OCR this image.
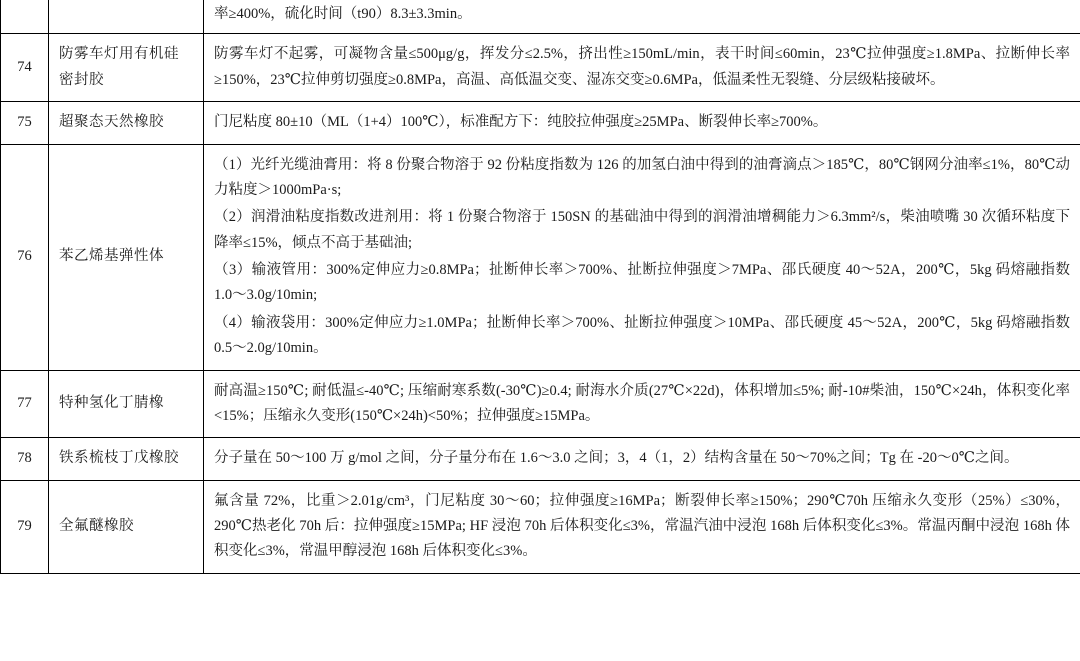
		率≥400%，硫化时间（t90）8.3±3.3min。

74	防雾车灯用有机硅密封胶	防雾车灯不起雾，可凝物含量≤500μg/g，挥发分≤2.5%，挤出性≥150mL/min，表干时间≤60min，23℃拉伸强度≥1.8MPa、拉断伸长率≥150%，23℃拉伸剪切强度≥0.8MPa，高温、高低温交变、湿冻交变≥0.6MPa，低温柔性无裂缝、分层级粘接破坏。

75	超聚态天然橡胶	门尼粘度 80±10（ML（1+4）100℃），标准配方下：纯胶拉伸强度≥25MPa、断裂伸长率≥700%。

76	苯乙烯基弹性体	（1）光纤光缆油膏用：将 8 份聚合物溶于 92 份粘度指数为 126 的加氢白油中得到的油膏滴点＞185℃，80℃钢网分油率≤1%，80℃动力粘度＞1000mPa·s;

（2）润滑油粘度指数改进剂用：将 1 份聚合物溶于 150SN 的基础油中得到的润滑油增稠能力＞6.3mm²/s，柴油喷嘴 30 次循环粘度下降率≤15%，倾点不高于基础油;

（3）输液管用：300%定伸应力≥0.8MPa；扯断伸长率＞700%、扯断拉伸强度＞7MPa、邵氏硬度 40～52A，200℃，5kg 码熔融指数 1.0～3.0g/10min;

（4）输液袋用：300%定伸应力≥1.0MPa；扯断伸长率＞700%、扯断拉伸强度＞10MPa、邵氏硬度 45～52A，200℃，5kg 码熔融指数 0.5～2.0g/10min。

77	特种氢化丁腈橡	耐高温≥150℃; 耐低温≤-40℃; 压缩耐寒系数(-30℃)≥0.4; 耐海水介质(27℃×22d)，体积增加≤5%; 耐-10#柴油，150℃×24h，体积变化率<15%；压缩永久变形(150℃×24h)<50%；拉伸强度≥15MPa。

78	铁系梳枝丁戊橡胶	分子量在 50～100 万 g/mol 之间，分子量分布在 1.6～3.0 之间；3，4（1，2）结构含量在 50～70%之间；Tg 在 -20～0℃之间。

79	全氟醚橡胶	氟含量 72%，比重＞2.01g/cm³，门尼粘度 30～60；拉伸强度≥16MPa；断裂伸长率≥150%；290℃70h 压缩永久变形（25%）≤30%，290℃热老化 70h 后：拉伸强度≥15MPa; HF 浸泡 70h 后体积变化≤3%，常温汽油中浸泡 168h 后体积变化≤3%。常温丙酮中浸泡 168h 体积变化≤3%，常温甲醇浸泡 168h 后体积变化≤3%。
